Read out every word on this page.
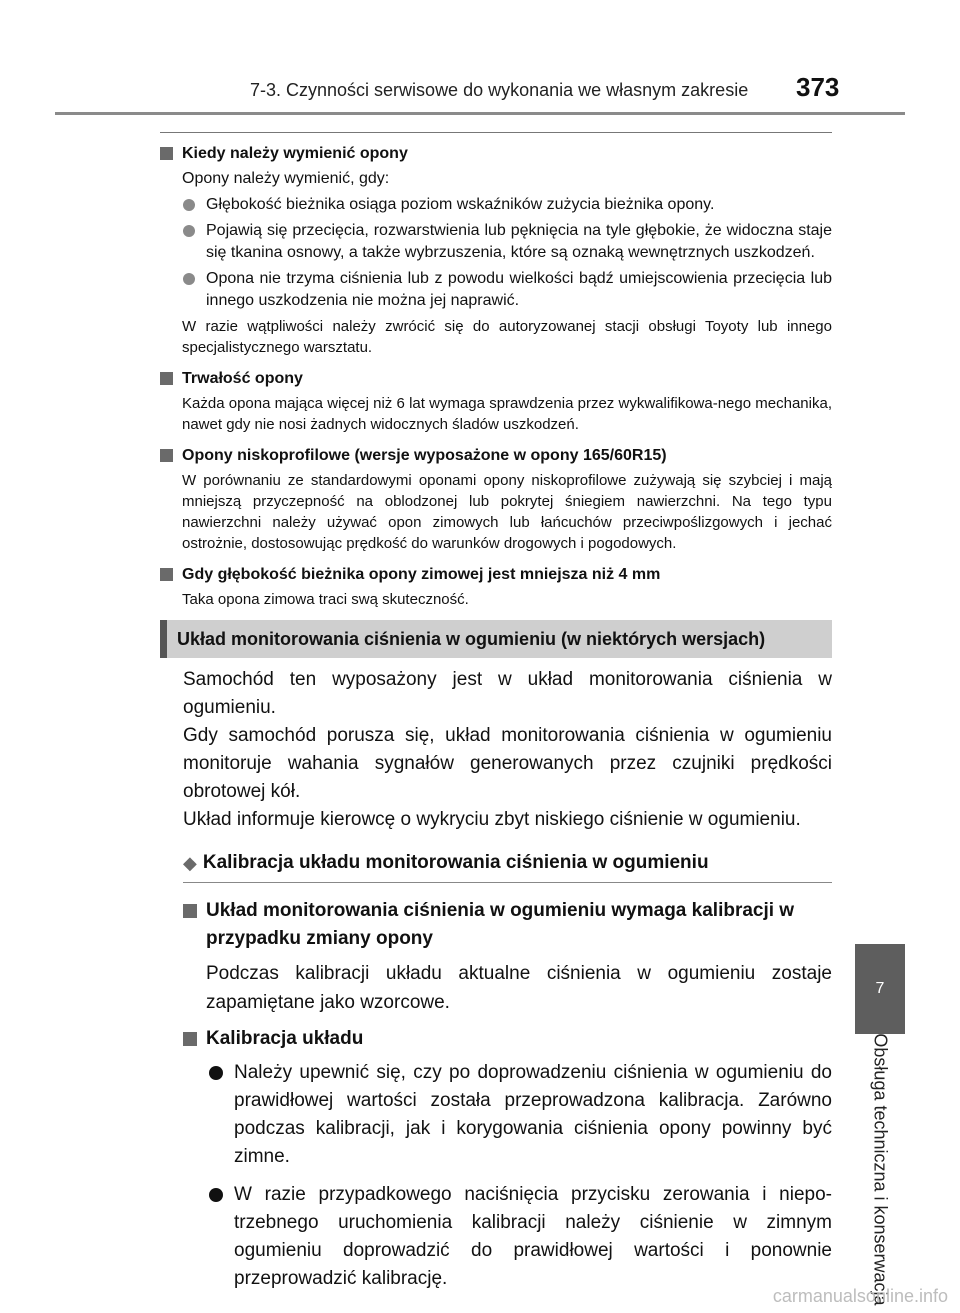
7-3. Czynności serwisowe do wykonania we własnym zakresie	373
7
Obsługa techniczna i konserwacja
Kiedy należy wymienić opony
Opony należy wymienić, gdy:
Głębokość bieżnika osiąga poziom wskaźników zużycia bieżnika opony.
Pojawią się przecięcia, rozwarstwienia lub pęknięcia na tyle głębokie, że widoczna staje się tkanina osnowy, a także wybrzuszenia, które są oznaką wewnętrznych uszkodzeń.
Opona nie trzyma ciśnienia lub z powodu wielkości bądź umiejscowienia przecięcia lub innego uszkodzenia nie można jej naprawić.
W razie wątpliwości należy zwrócić się do autoryzowanej stacji obsługi Toyoty lub innego specjalistycznego warsztatu.
Trwałość opony
Każda opona mająca więcej niż 6 lat wymaga sprawdzenia przez wykwalifikowa-nego mechanika, nawet gdy nie nosi żadnych widocznych śladów uszkodzeń.
Opony niskoprofilowe (wersje wyposażone w opony 165/60R15)
W porównaniu ze standardowymi oponami opony niskoprofilowe zużywają się szybciej i mają mniejszą przyczepność na oblodzonej lub pokrytej śniegiem nawierzchni. Na tego typu nawierzchni należy używać opon zimowych lub łańcuchów przeciwpoślizgowych i jechać ostrożnie, dostosowując prędkość do warunków drogowych i pogodowych.
Gdy głębokość bieżnika opony zimowej jest mniejsza niż 4 mm
Taka opona zimowa traci swą skuteczność.
Układ monitorowania ciśnienia w ogumieniu (w niektórych wersjach)
Samochód ten wyposażony jest w układ monitorowania ciśnienia w ogumieniu.
Gdy samochód porusza się, układ monitorowania ciśnienia w ogumieniu monitoruje wahania sygnałów generowanych przez czujniki prędkości obrotowej kół.
Układ informuje kierowcę o wykryciu zbyt niskiego ciśnienie w ogumieniu.
◆ Kalibracja układu monitorowania ciśnienia w ogumieniu
Układ monitorowania ciśnienia w ogumieniu wymaga kalibracji w przypadku zmiany opony
Podczas kalibracji układu aktualne ciśnienia w ogumieniu zostaje zapamiętane jako wzorcowe.
Kalibracja układu
Należy upewnić się, czy po doprowadzeniu ciśnienia w ogumieniu do prawidłowej wartości została przeprowadzona kalibracja. Zarówno podczas kalibracji, jak i korygowania ciśnienia opony powinny być zimne.
W razie przypadkowego naciśnięcia przycisku zerowania i niepo-trzebnego uruchomienia kalibracji należy ciśnienie w zimnym ogumieniu doprowadzić do prawidłowej wartości i ponownie przeprowadzić kalibrację.
carmanualsonline.info
